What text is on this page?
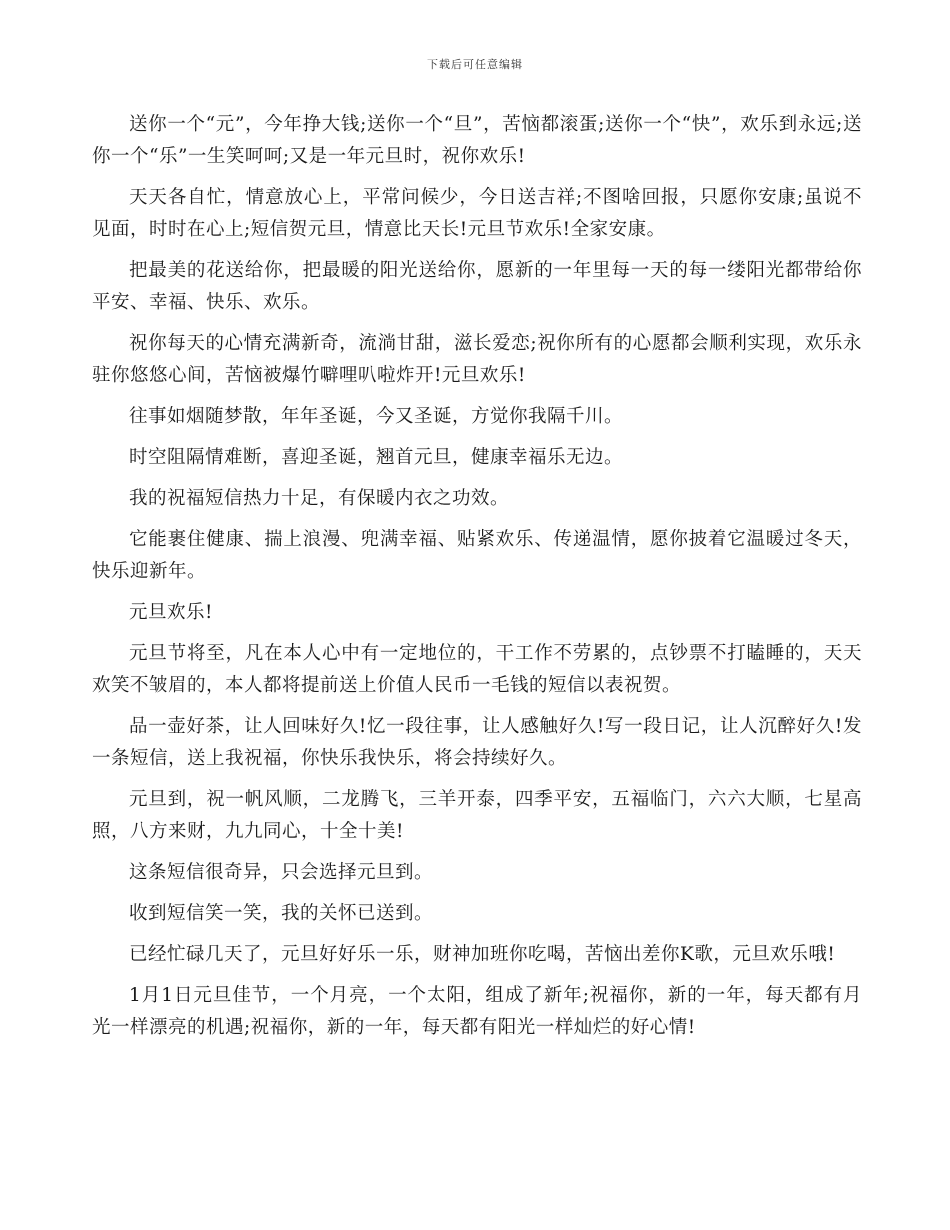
下载后可任意编辑

送你一个“元”，今年挣大钱;送你一个“旦”，苦恼都滚蛋;送你一个“快”，欢乐到永远;送你一个“乐”一生笑呵呵;又是一年元旦时，祝你欢乐!

天天各自忙，情意放心上，平常问候少，今日送吉祥;不图啥回报，只愿你安康;虽说不见面，时时在心上;短信贺元旦，情意比天长!元旦节欢乐!全家安康。

把最美的花送给你，把最暖的阳光送给你，愿新的一年里每一天的每一缕阳光都带给你平安、幸福、快乐、欢乐。

祝你每天的心情充满新奇，流淌甘甜，滋长爱恋;祝你所有的心愿都会顺利实现，欢乐永驻你悠悠心间，苦恼被爆竹噼哩叭啦炸开!元旦欢乐!

往事如烟随梦散，年年圣诞，今又圣诞，方觉你我隔千川。

时空阻隔情难断，喜迎圣诞，翘首元旦，健康幸福乐无边。

我的祝福短信热力十足，有保暖内衣之功效。

它能裹住健康、揣上浪漫、兜满幸福、贴紧欢乐、传递温情，愿你披着它温暖过冬天，快乐迎新年。

元旦欢乐!

元旦节将至，凡在本人心中有一定地位的，干工作不劳累的，点钞票不打瞌睡的，天天欢笑不皱眉的，本人都将提前送上价值人民币一毛钱的短信以表祝贺。

品一壶好茶，让人回味好久!忆一段往事，让人感触好久!写一段日记，让人沉醉好久!发一条短信，送上我祝福，你快乐我快乐，将会持续好久。

元旦到，祝一帆风顺，二龙腾飞，三羊开泰，四季平安，五福临门，六六大顺，七星高照，八方来财，九九同心，十全十美!

这条短信很奇异，只会选择元旦到。

收到短信笑一笑，我的关怀已送到。

已经忙碌几天了，元旦好好乐一乐，财神加班你吃喝，苦恼出差你K歌，元旦欢乐哦!

1月1日元旦佳节，一个月亮，一个太阳，组成了新年;祝福你，新的一年，每天都有月光一样漂亮的机遇;祝福你，新的一年，每天都有阳光一样灿烂的好心情!
